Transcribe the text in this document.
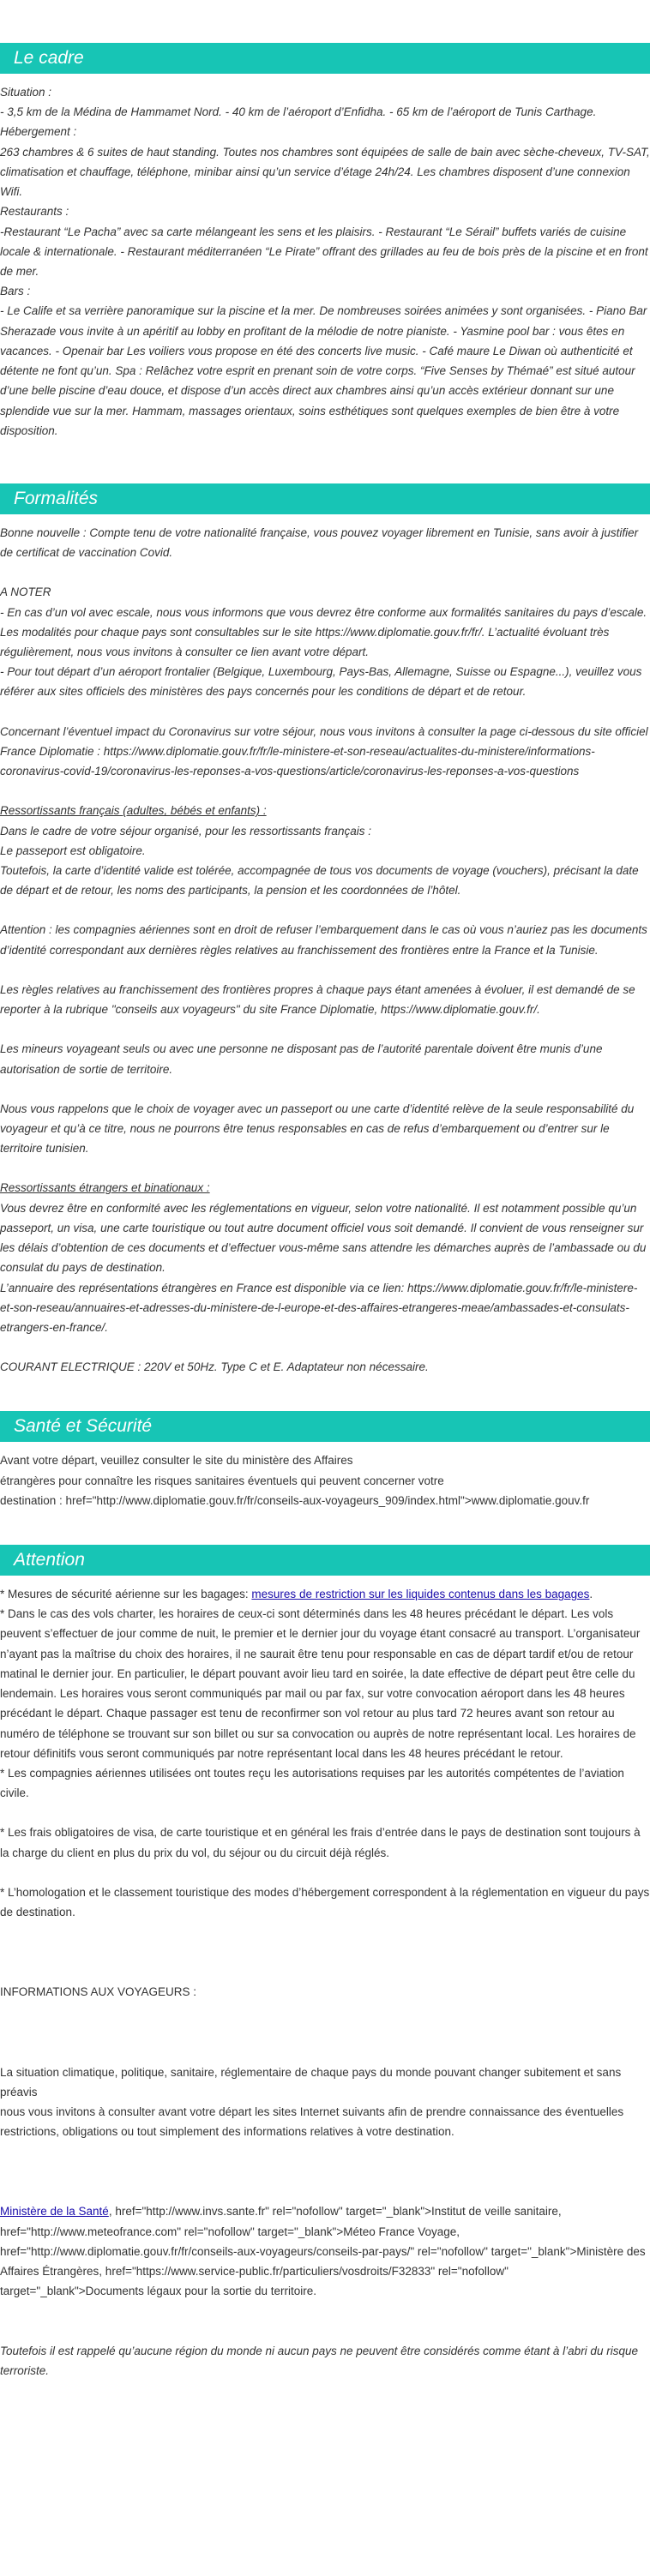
Le cadre

Situation :

- 3,5 km de la Médina de Hammamet Nord. - 40 km de l’aéroport d’Enfidha. - 65 km de l’aéroport de Tunis Carthage.

Hébergement :

263 chambres & 6 suites de haut standing. Toutes nos chambres sont équipées de salle de bain avec sèche-cheveux, TV-SAT, climatisation et chauffage, téléphone, minibar ainsi qu’un service d’étage 24h/24. Les chambres disposent d’une connexion Wifi.

Restaurants :

-Restaurant “Le Pacha” avec sa carte mélangeant les sens et les plaisirs. - Restaurant “Le Sérail” buffets variés de cuisine locale & internationale. - Restaurant méditerranéen “Le Pirate” offrant des grillades au feu de bois près de la piscine et en front de mer.

Bars :

- Le Calife et sa verrière panoramique sur la piscine et la mer. De nombreuses soirées animées y sont organisées. - Piano Bar Sherazade vous invite à un apéritif au lobby en profitant de la mélodie de notre pianiste. - Yasmine pool bar : vous êtes en vacances. - Openair bar Les voiliers vous propose en été des concerts live music. - Café maure Le Diwan où authenticité et détente ne font qu’un. Spa : Relâchez votre esprit en prenant soin de votre corps. “Five Senses by Thémaé” est situé autour d’une belle piscine d’eau douce, et dispose d’un accès direct aux chambres ainsi qu’un accès extérieur donnant sur une splendide vue sur la mer. Hammam, massages orientaux, soins esthétiques sont quelques exemples de bien être à votre disposition.

Formalités

Bonne nouvelle : Compte tenu de votre nationalité française, vous pouvez voyager librement en Tunisie, sans avoir à justifier de certificat de vaccination Covid.

A NOTER

- En cas d’un vol avec escale, nous vous informons que vous devrez être conforme aux formalités sanitaires du pays d’escale.

Les modalités pour chaque pays sont consultables sur le site https://www.diplomatie.gouv.fr/fr/. L’actualité évoluant très régulièrement, nous vous invitons à consulter ce lien avant votre départ.

- Pour tout départ d’un aéroport frontalier (Belgique, Luxembourg, Pays-Bas, Allemagne, Suisse ou Espagne...), veuillez vous référer aux sites officiels des ministères des pays concernés pour les conditions de départ et de retour.

Concernant l’éventuel impact du Coronavirus sur votre séjour, nous vous invitons à consulter la page ci-dessous du site officiel France Diplomatie : https://www.diplomatie.gouv.fr/fr/le-ministere-et-son-reseau/actualites-du-ministere/informations-coronavirus-covid-19/coronavirus-les-reponses-a-vos-questions/article/coronavirus-les-reponses-a-vos-questions

Ressortissants français (adultes, bébés et enfants) :

Dans le cadre de votre séjour organisé, pour les ressortissants français :

Le passeport est obligatoire.

Toutefois, la carte d’identité valide est tolérée, accompagnée de tous vos documents de voyage (vouchers), précisant la date de départ et de retour, les noms des participants, la pension et les coordonnées de l’hôtel.

Attention : les compagnies aériennes sont en droit de refuser l’embarquement dans le cas où vous n’auriez pas les documents d’identité correspondant aux dernières règles relatives au franchissement des frontières entre la France et la Tunisie.

Les règles relatives au franchissement des frontières propres à chaque pays étant amenées à évoluer, il est demandé de se reporter à la rubrique "conseils aux voyageurs" du site France Diplomatie, https://www.diplomatie.gouv.fr/.

Les mineurs voyageant seuls ou avec une personne ne disposant pas de l’autorité parentale doivent être munis d’une autorisation de sortie de territoire.

Nous vous rappelons que le choix de voyager avec un passeport ou une carte d’identité relève de la seule responsabilité du voyageur et qu’à ce titre, nous ne pourrons être tenus responsables en cas de refus d’embarquement ou d’entrer sur le territoire tunisien.

Ressortissants étrangers et binationaux :

Vous devrez être en conformité avec les réglementations en vigueur, selon votre nationalité. Il est notamment possible qu’un passeport, un visa, une carte touristique ou tout autre document officiel vous soit demandé. Il convient de vous renseigner sur les délais d’obtention de ces documents et d’effectuer vous-même sans attendre les démarches auprès de l’ambassade ou du consulat du pays de destination.

L’annuaire des représentations étrangères en France est disponible via ce lien: https://www.diplomatie.gouv.fr/fr/le-ministere-et-son-reseau/annuaires-et-adresses-du-ministere-de-l-europe-et-des-affaires-etrangeres-meae/ambassades-et-consulats-etrangers-en-france/.

COURANT ELECTRIQUE : 220V et 50Hz. Type C et E. Adaptateur non nécessaire.

Santé et Sécurité

Avant votre départ, veuillez consulter le site du ministère des Affaires

étrangères pour connaître les risques sanitaires éventuels qui peuvent concerner votre

destination : href="http://www.diplomatie.gouv.fr/fr/conseils-aux-voyageurs_909/index.html">www.diplomatie.gouv.fr

Attention

* Mesures de sécurité aérienne sur les bagages: mesures de restriction sur les liquides contenus dans les bagages.

* Dans le cas des vols charter, les horaires de ceux-ci sont déterminés dans les 48 heures précédant le départ. Les vols peuvent s’effectuer de jour comme de nuit, le premier et le dernier jour du voyage étant consacré au transport. L’organisateur n’ayant pas la maîtrise du choix des horaires, il ne saurait être tenu pour responsable en cas de départ tardif et/ou de retour matinal le dernier jour. En particulier, le départ pouvant avoir lieu tard en soirée, la date effective de départ peut être celle du lendemain. Les horaires vous seront communiqués par mail ou par fax, sur votre convocation aéroport dans les 48 heures précédant le départ. Chaque passager est tenu de reconfirmer son vol retour au plus tard 72 heures avant son retour au numéro de téléphone se trouvant sur son billet ou sur sa convocation ou auprès de notre représentant local. Les horaires de retour définitifs vous seront communiqués par notre représentant local dans les 48 heures précédant le retour.

* Les compagnies aériennes utilisées ont toutes reçu les autorisations requises par les autorités compétentes de l’aviation civile.

* Les frais obligatoires de visa, de carte touristique et en général les frais d’entrée dans le pays de destination sont toujours à la charge du client en plus du prix du vol, du séjour ou du circuit déjà réglés.

* L’homologation et le classement touristique des modes d’hébergement correspondent à la réglementation en vigueur du pays de destination.

INFORMATIONS AUX VOYAGEURS :

La situation climatique, politique, sanitaire, réglementaire de chaque pays du monde pouvant changer subitement et sans préavis

nous vous invitons à consulter avant votre départ les sites Internet suivants afin de prendre connaissance des éventuelles restrictions, obligations ou tout simplement des informations relatives à votre destination.

Ministère de la Santé, href="http://www.invs.sante.fr" rel="nofollow" target="_blank">Institut de veille sanitaire, href="http://www.meteofrance.com" rel="nofollow" target="_blank">Méteo France Voyage, href="http://www.diplomatie.gouv.fr/fr/conseils-aux-voyageurs/conseils-par-pays/" rel="nofollow" target="_blank">Ministère des Affaires Étrangères, href="https://www.service-public.fr/particuliers/vosdroits/F32833" rel="nofollow" target="_blank">Documents légaux pour la sortie du territoire.

Toutefois il est rappelé qu’aucune région du monde ni aucun pays ne peuvent être considérés comme étant à l’abri du risque terroriste.
